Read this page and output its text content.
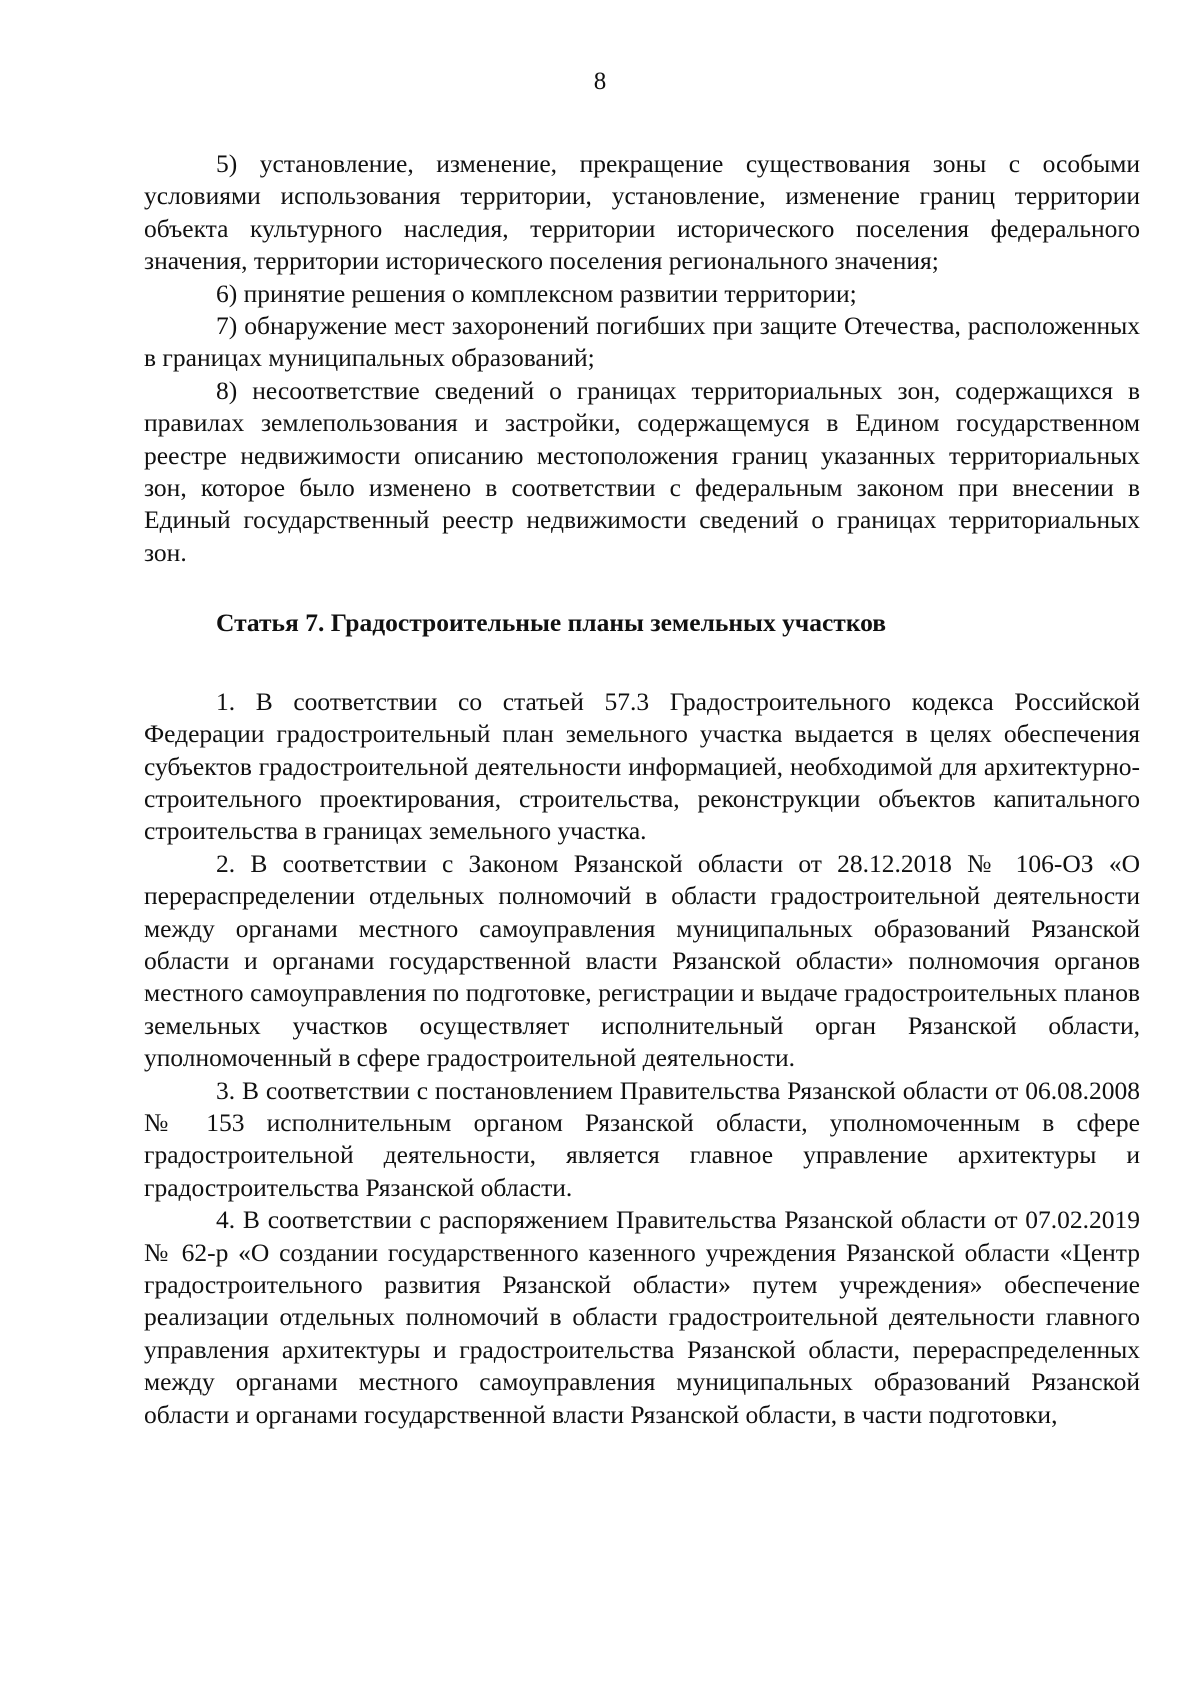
8

5) установление, изменение, прекращение существования зоны с особыми условиями использования территории, установление, изменение границ территории объекта культурного наследия, территории исторического поселения федерального значения, территории исторического поселения регионального значения;

6) принятие решения о комплексном развитии территории;

7) обнаружение мест захоронений погибших при защите Отечества, расположенных в границах муниципальных образований;

8) несоответствие сведений о границах территориальных зон, содержащихся в правилах землепользования и застройки, содержащемуся в Едином государственном реестре недвижимости описанию местоположения границ указанных территориальных зон, которое было изменено в соответствии с федеральным законом при внесении в Единый государственный реестр недвижимости сведений о границах территориальных зон.

Статья 7. Градостроительные планы земельных участков

1. В соответствии со статьей 57.3 Градостроительного кодекса Российской Федерации градостроительный план земельного участка выдается в целях обеспечения субъектов градостроительной деятельности информацией, необходимой для архитектурно-строительного проектирования, строительства, реконструкции объектов капитального строительства в границах земельного участка.

2. В соответствии с Законом Рязанской области от 28.12.2018 № 106-ОЗ «О перераспределении отдельных полномочий в области градостроительной деятельности между органами местного самоуправления муниципальных образований Рязанской области и органами государственной власти Рязанской области» полномочия органов местного самоуправления по подготовке, регистрации и выдаче градостроительных планов земельных участков осуществляет исполнительный орган Рязанской области, уполномоченный в сфере градостроительной деятельности.

3. В соответствии с постановлением Правительства Рязанской области от 06.08.2008 № 153 исполнительным органом Рязанской области, уполномоченным в сфере градостроительной деятельности, является главное управление архитектуры и градостроительства Рязанской области.

4. В соответствии с распоряжением Правительства Рязанской области от 07.02.2019 № 62-р «О создании государственного казенного учреждения Рязанской области «Центр градостроительного развития Рязанской области» путем учреждения» обеспечение реализации отдельных полномочий в области градостроительной деятельности главного управления архитектуры и градостроительства Рязанской области, перераспределенных между органами местного самоуправления муниципальных образований Рязанской области и органами государственной власти Рязанской области, в части подготовки,
